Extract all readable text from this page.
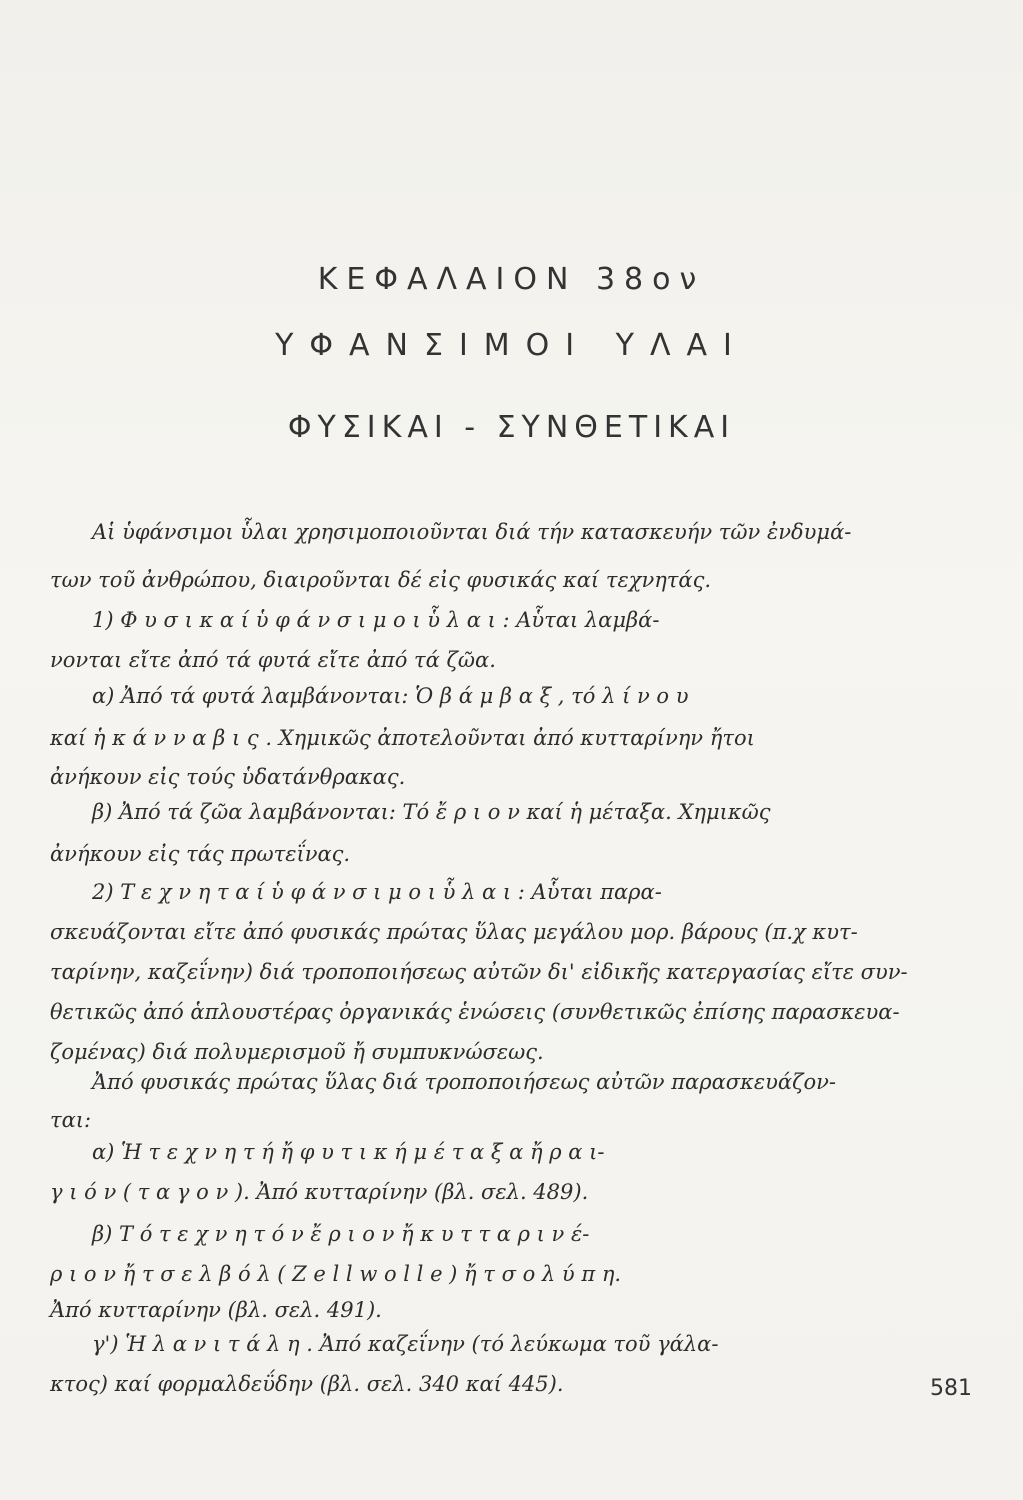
ΚΕΦΑΛΑΙΟΝ 38ον
ΥΦΑΝΣΙΜΟΙ ΥΛΑΙ
ΦΥΣΙΚΑΙ - ΣΥΝΘΕΤΙΚΑΙ
Αἱ ὑφάνσιμοι ὗλαι χρησιμοποιοῦνται διά τήν κατασκευήν τῶν ἐνδυμά-
των τοῦ ἀνθρώπου, διαιροῦνται δέ εἰς φυσικάς καί τεχνητάς.
1) Φ υ σ ι κ α ί ὑ φ ά ν σ ι μ ο ι ὗ λ α ι : Αὗται λαμβά-
νονται εἴτε ἀπό τά φυτά εἴτε ἀπό τά ζῶα.
α) Ἀπό τά φυτά λαμβάνονται: Ὁ β ά μ β α ξ , τό λ ί ν ο υ
καί ἡ κ ά ν ν α β ι ς . Χημικῶς ἀποτελοῦνται ἀπό κυτταρίνην ἤτοι
ἀνήκουν εἰς τούς ὑδατάνθρακας.
β) Ἀπό τά ζῶα λαμβάνονται: Τό ἔ ρ ι ο ν καί ἡ μέταξα. Χημικῶς
ἀνήκουν εἰς τάς πρωτεΐνας.
2) Τ ε χ ν η τ α ί ὑ φ ά ν σ ι μ ο ι ὗ λ α ι : Αὗται παρα-
σκευάζονται εἴτε ἀπό φυσικάς πρώτας ὕλας μεγάλου μορ. βάρους (π.χ κυτ-
ταρίνην, καζεΐνην) διά τροποποιήσεως αὐτῶν δι' εἰδικῆς κατεργασίας εἴτε συν-
θετικῶς ἀπό ἁπλουστέρας ὀργανικάς ἑνώσεις (συνθετικῶς ἐπίσης παρασκευα-
ζομένας) διά πολυμερισμοῦ ἤ συμπυκνώσεως.
Ἀπό φυσικάς πρώτας ὕλας διά τροποποιήσεως αὐτῶν παρασκευάζον-
ται:
α) Ἡ τ ε χ ν η τ ή ἤ φ υ τ ι κ ή μ έ τ α ξ α ἤ ρ α ι-
γ ι ό ν ( τ α γ ο ν ). Ἀπό κυτταρίνην (βλ. σελ. 489).
β) Τ ό τ ε χ ν η τ ό ν ἔ ρ ι ο ν ἤ κ υ τ τ α ρ ι ν έ-
ρ ι ο ν ἤ τ σ ε λ β ό λ ( Z e l l w o l l e ) ἤ τ σ ο λ ύ π η.
Ἀπό κυτταρίνην (βλ. σελ. 491).
γ') Ἡ λ α ν ι τ ά λ η . Ἀπό καζεΐνην (τό λεύκωμα τοῦ γάλα-
κτος) καί φορμαλδεΰδην (βλ. σελ. 340 καί 445).	581
